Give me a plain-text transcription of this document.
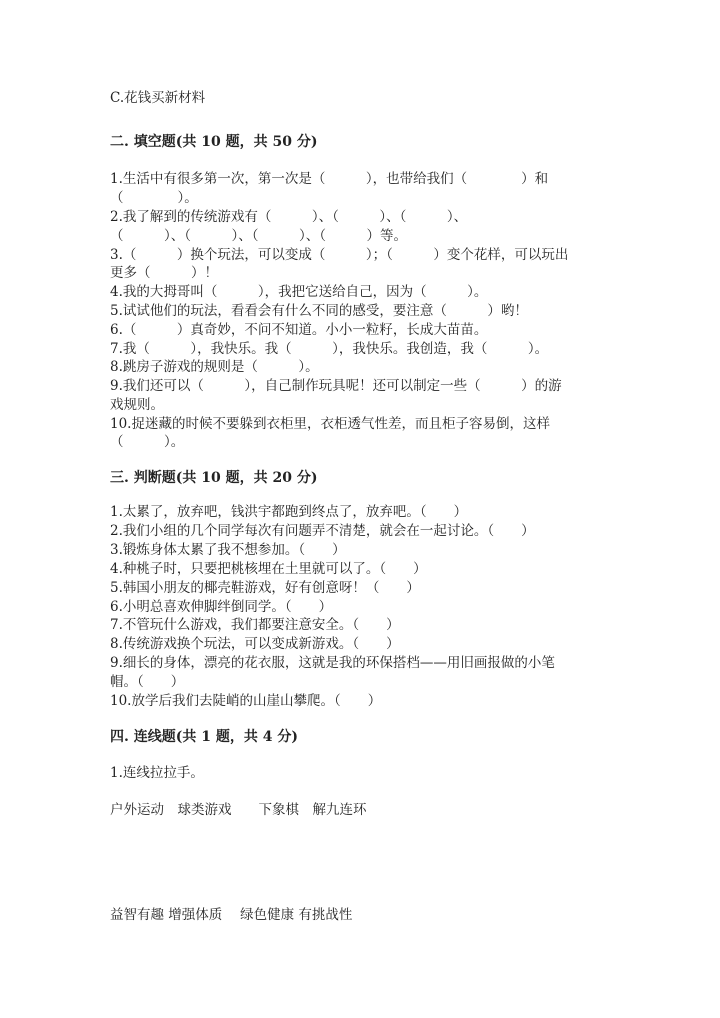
C.花钱买新材料
二. 填空题(共 10 题，共 50 分)
1.生活中有很多第一次，第一次是（　　　），也带给我们（　　　　）和
（　　　　）。
2.我了解到的传统游戏有（　　　）、（　　　）、（　　　）、
（　　　）、（　　　）、（　　　）、（　　　）等。
3.（　　　）换个玩法，可以变成（　　　）；（　　　）变个花样，可以玩出
更多（　　　）！
4.我的大拇哥叫（　　　），我把它送给自己，因为（　　　）。
5.试试他们的玩法，看看会有什么不同的感受，要注意（　　　）哟！
6.（　　　）真奇妙，不问不知道。小小一粒籽，长成大苗苗。
7.我（　　　），我快乐。我（　　　），我快乐。我创造，我（　　　）。
8.跳房子游戏的规则是（　　　）。
9.我们还可以（　　　），自己制作玩具呢！还可以制定一些（　　　）的游
戏规则。
10.捉迷藏的时候不要躲到衣柜里，衣柜透气性差，而且柜子容易倒，这样
（　　　）。
三. 判断题(共 10 题，共 20 分)
1.太累了，放弃吧，钱洪宇都跑到终点了，放弃吧。（　　）
2.我们小组的几个同学每次有问题弄不清楚，就会在一起讨论。（　　）
3.锻炼身体太累了我不想参加。（　　）
4.种桃子时，只要把桃核埋在土里就可以了。（　　）
5.韩国小朋友的椰壳鞋游戏，好有创意呀！（　　）
6.小明总喜欢伸脚绊倒同学。（　　）
7.不管玩什么游戏，我们都要注意安全。（　　）
8.传统游戏换个玩法，可以变成新游戏。（　　）
9.细长的身体，漂亮的花衣服，这就是我的环保搭档——用旧画报做的小笔
帽。（　　）
10.放学后我们去陡峭的山崖山攀爬。（　　）
四. 连线题(共 1 题，共 4 分)
1.连线拉拉手。
户外运动　球类游戏　　下象棋　解九连环
益智有趣 增强体质　 绿色健康 有挑战性
